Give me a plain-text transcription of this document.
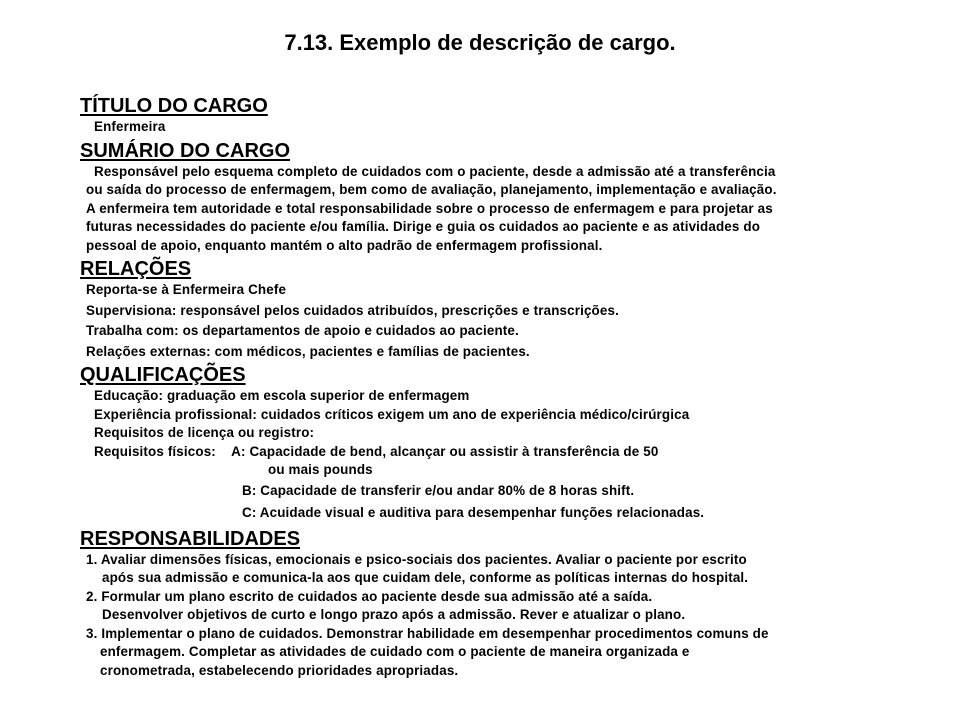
7.13. Exemplo de descrição de cargo.
TÍTULO DO CARGO
Enfermeira
SUMÁRIO DO CARGO
Responsável pelo esquema completo de cuidados com o paciente, desde a admissão até a transferência
ou saída do processo de enfermagem, bem como de avaliação, planejamento, implementação e avaliação.
A enfermeira tem autoridade e total responsabilidade sobre o processo de enfermagem e para projetar as
futuras necessidades do paciente e/ou família. Dirige e guia os cuidados ao paciente e as atividades do
pessoal de apoio, enquanto mantém o alto padrão de enfermagem profissional.
RELAÇÕES
Reporta-se à Enfermeira Chefe
Supervisiona: responsável pelos cuidados atribuídos, prescrições e transcrições.
Trabalha com: os departamentos de apoio e cuidados ao paciente.
Relações externas: com médicos, pacientes e famílias de pacientes.
QUALIFICAÇÕES
Educação: graduação em escola superior de enfermagem
Experiência profissional: cuidados críticos exigem um ano de experiência médico/cirúrgica
Requisitos de licença ou registro:
Requisitos físicos: A: Capacidade de bend, alcançar ou assistir à transferência de 50
ou mais pounds
B: Capacidade de transferir e/ou andar 80% de 8 horas shift.
C: Acuidade visual e auditiva para desempenhar funções relacionadas.
RESPONSABILIDADES
1. Avaliar dimensões físicas, emocionais e psico-sociais dos pacientes. Avaliar o paciente por escrito
após sua admissão e comunica-la aos que cuidam dele, conforme as políticas internas do hospital.
2. Formular um plano escrito de cuidados ao paciente desde sua admissão até a saída.
Desenvolver objetivos de curto e longo prazo após a admissão. Rever e atualizar o plano.
3. Implementar o plano de cuidados. Demonstrar habilidade em desempenhar procedimentos comuns de
enfermagem. Completar as atividades de cuidado com o paciente de maneira organizada e
cronometrada, estabelecendo prioridades apropriadas.
